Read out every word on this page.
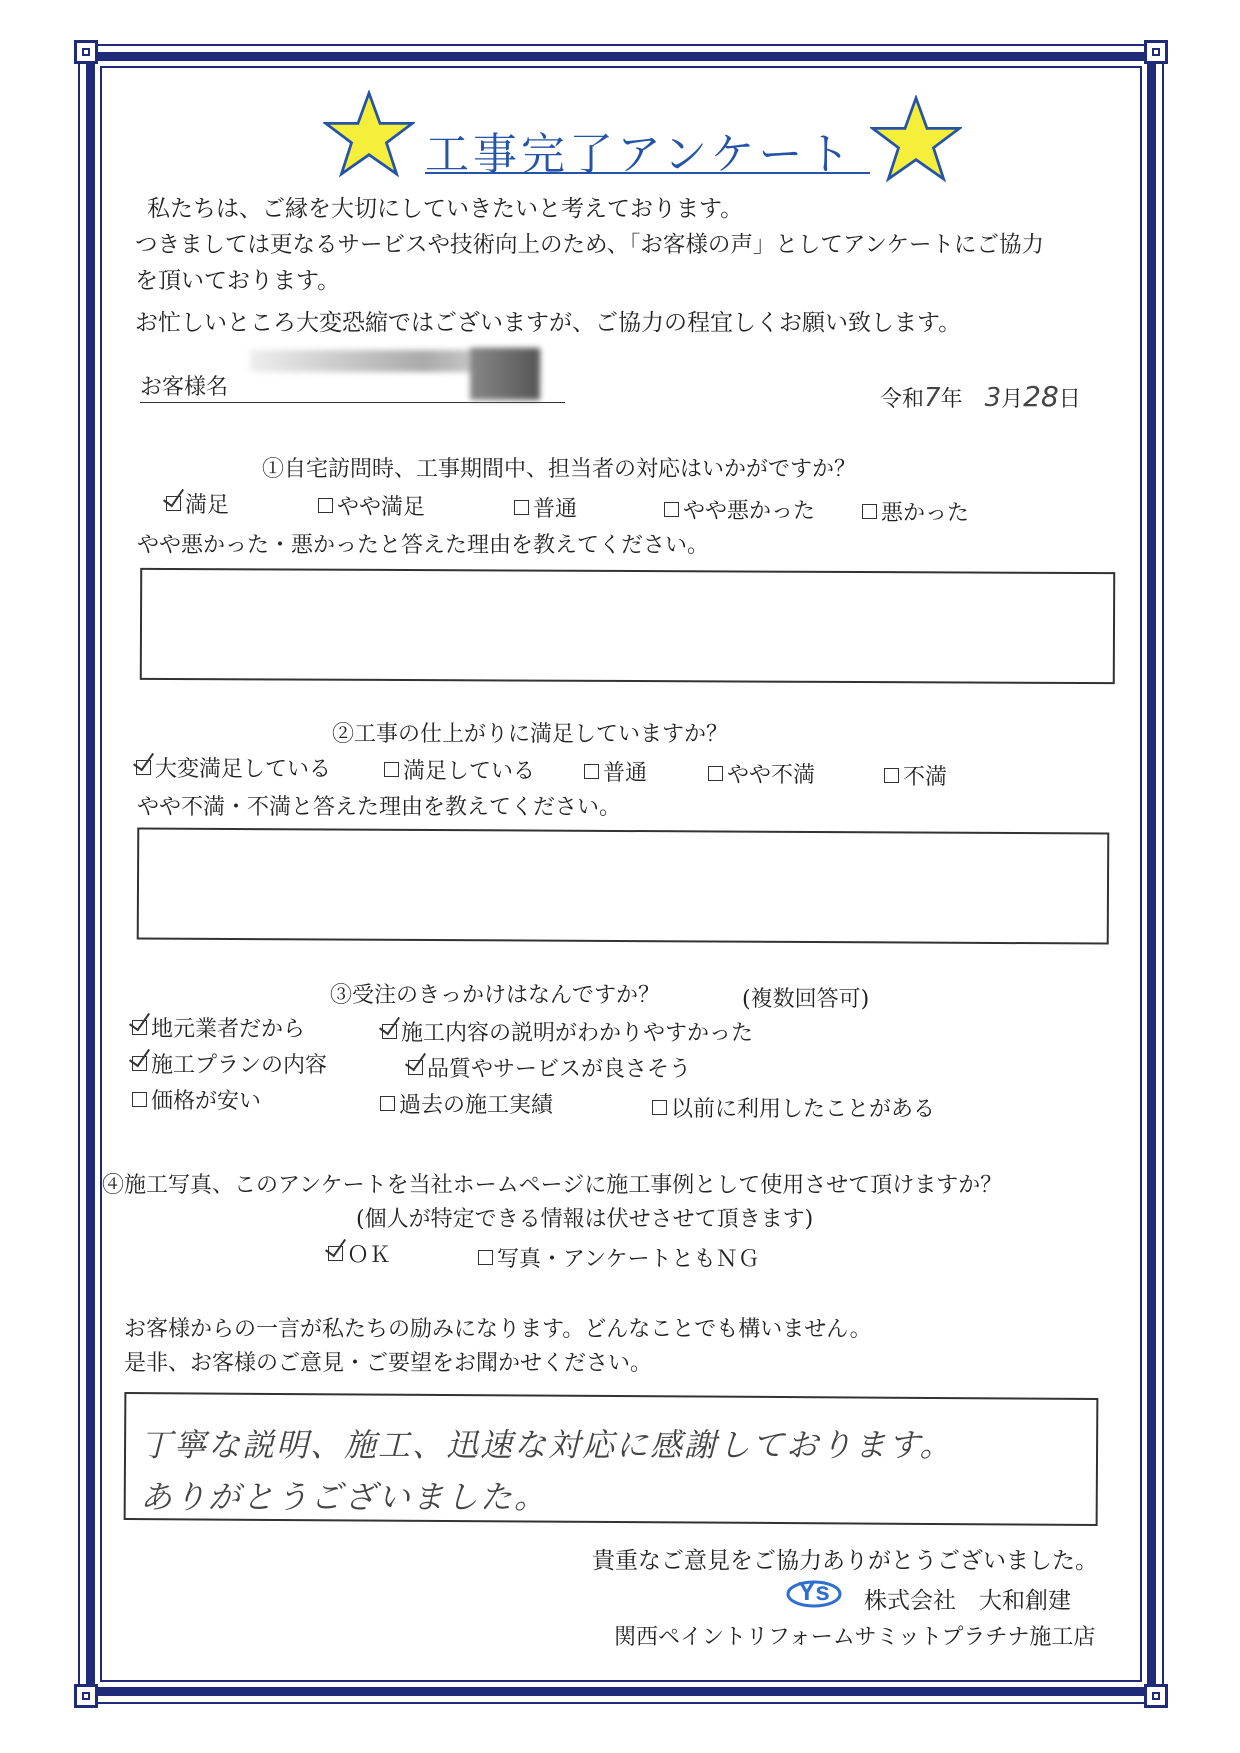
工事完了アンケート
私たちは、ご縁を大切にしていきたいと考えております。
つきましては更なるサービスや技術向上のため、「お客様の声」としてアンケートにご協力
を頂いております。
お忙しいところ大変恐縮ではございますが、ご協力の程宜しくお願い致します。
お客様名	令和7年 3月28日
①自宅訪問時、工事期間中、担当者の対応はいかがですか？
満足	やや満足	普通	やや悪かった	悪かった
やや悪かった・悪かったと答えた理由を教えてください。
②工事の仕上がりに満足していますか？
大変満足している	満足している	普通	やや不満	不満
やや不満・不満と答えた理由を教えてください。
③受注のきっかけはなんですか？	(複数回答可)
地元業者だから	施工内容の説明がわかりやすかった
施工プランの内容	品質やサービスが良さそう
価格が安い	過去の施工実績	以前に利用したことがある
④施工写真、このアンケートを当社ホームページに施工事例として使用させて頂けますか？
(個人が特定できる情報は伏せさせて頂きます)
ＯＫ	写真・アンケートともＮＧ
お客様からの一言が私たちの励みになります。どんなことでも構いません。
是非、お客様のご意見・ご要望をお聞かせください。
丁寧な説明、施工、迅速な対応に感謝しております。
ありがとうございました。
貴重なご意見をご協力ありがとうございました。
Ys 株式会社　大和創建
関西ペイントリフォームサミットプラチナ施工店
